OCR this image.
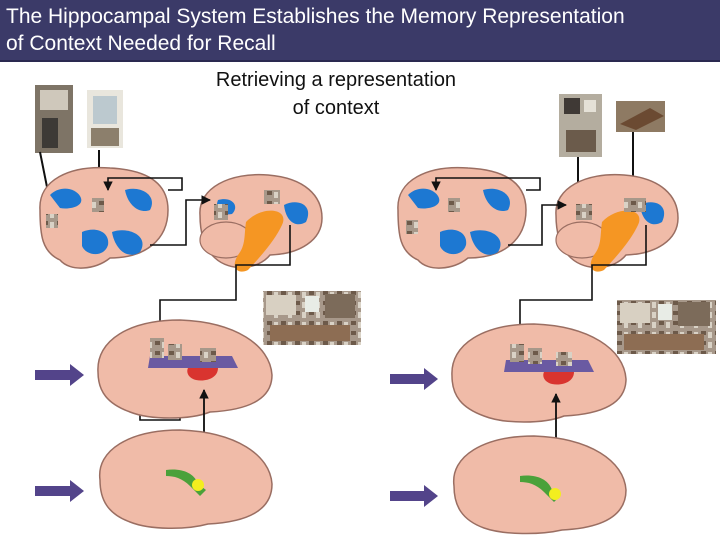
The Hippocampal System Establishes the Memory Representation
of Context Needed for Recall
Retrieving a representation
of context
